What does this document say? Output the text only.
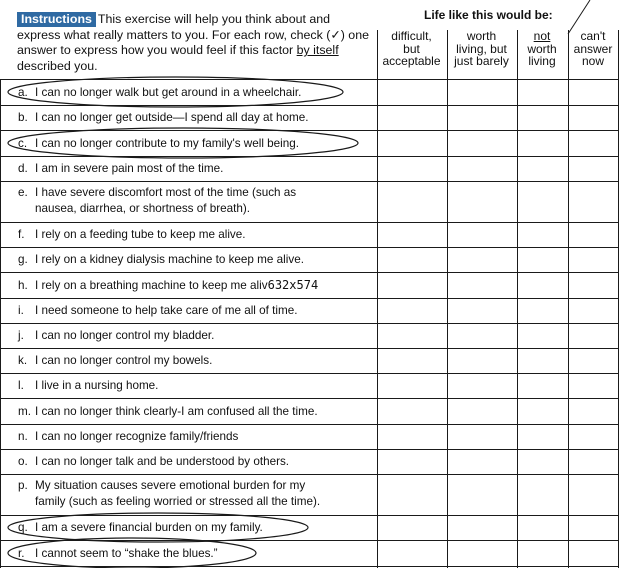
Instructions This exercise will help you think about and express what really matters to you. For each row, check (✓) one answer to express how you would feel if this factor by itself described you.
Life like this would be:
difficult,
but
acceptable
worth
living, but
just barely
not
worth
living
can't
answer
now
a. I can no longer walk but get around in a wheelchair.
b. I can no longer get outside—I spend all day at home.
c. I can no longer contribute to my family's well being.
d. I am in severe pain most of the time.
e. I have severe discomfort most of the time (such as
nausea, diarrhea, or shortness of breath).
f. I rely on a feeding tube to keep me alive.
g. I rely on a kidney dialysis machine to keep me alive.
h. I rely on a breathing machine to keep me aliv632x574
i. I need someone to help take care of me all of time.
j. I can no longer control my bladder.
k. I can no longer control my bowels.
l. I live in a nursing home.
m. I can no longer think clearly-I am confused all the time.
n. I can no longer recognize family/friends
o. I can no longer talk and be understood by others.
p. My situation causes severe emotional burden for my
family (such as feeling worried or stressed all the time).
q. I am a severe financial burden on my family.
r. I cannot seem to “shake the blues.”
